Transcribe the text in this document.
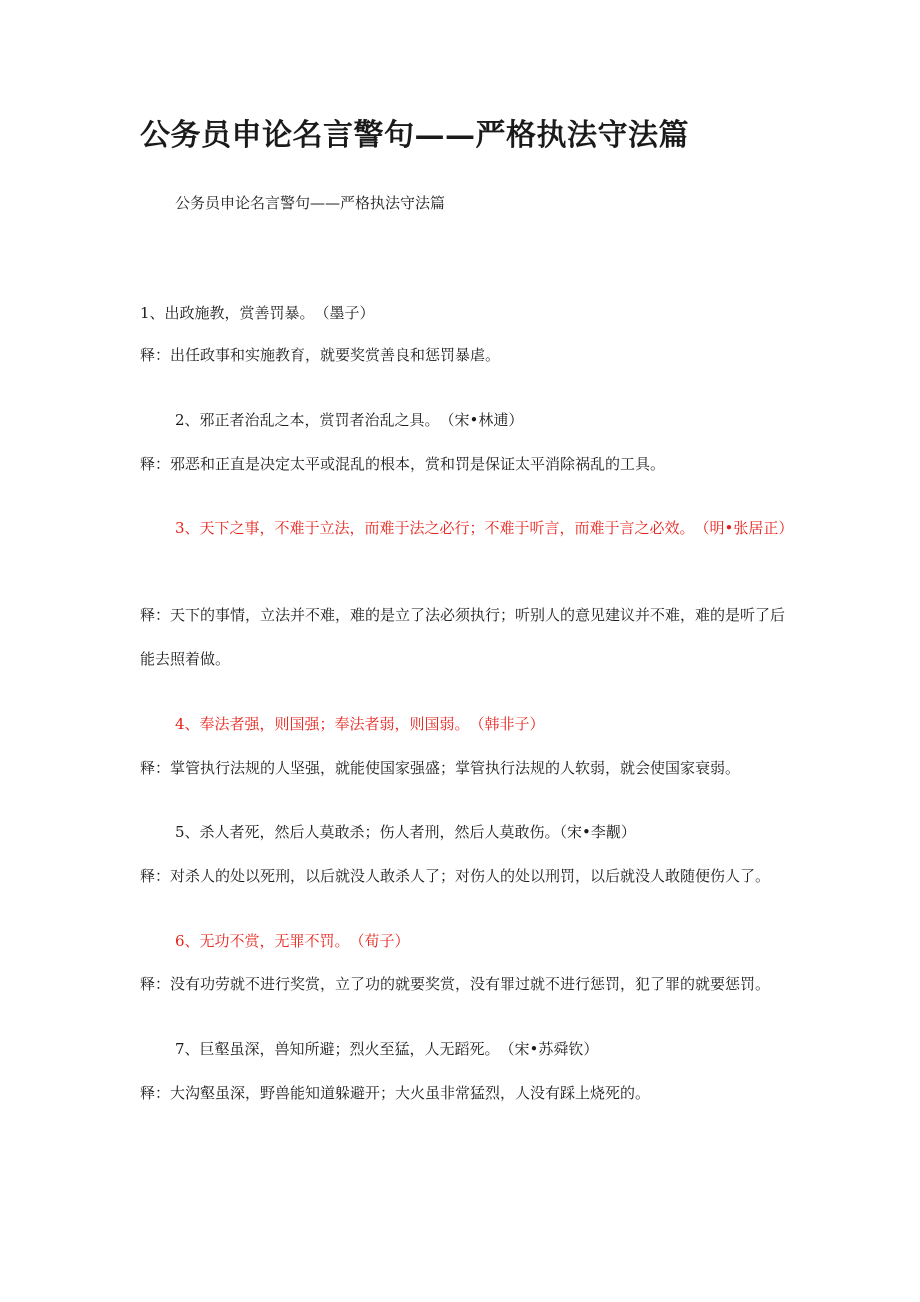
公务员申论名言警句——严格执法守法篇
公务员申论名言警句——严格执法守法篇
1、出政施教，赏善罚暴。　（墨子）
释：出任政事和实施教育，就要奖赏善良和惩罚暴虐。
2、邪正者治乱之本，赏罚者治乱之具。　（宋•林逋）
释：邪恶和正直是决定太平或混乱的根本，赏和罚是保证太平消除祸乱的工具。
3、天下之事，不难于立法，而难于法之必行；不难于听言，而难于言之必效。　（明•张居正）
释：天下的事情，立法并不难，难的是立了法必须执行；听别人的意见建议并不难，难的是听了后能去照着做。
4、奉法者强，则国强；奉法者弱，则国弱。　（韩非子）
释：掌管执行法规的人坚强，就能使国家强盛；掌管执行法规的人软弱，就会使国家衰弱。
5、杀人者死，然后人莫敢杀；伤人者刑，然后人莫敢伤。（宋•李觏）
释：对杀人的处以死刑，以后就没人敢杀人了；对伤人的处以刑罚，以后就没人敢随便伤人了。
6、无功不赏，无罪不罚。　（荀子）
释：没有功劳就不进行奖赏，立了功的就要奖赏，没有罪过就不进行惩罚，犯了罪的就要惩罚。
7、巨壑虽深，兽知所避；烈火至猛，人无蹈死。　（宋•苏舜钦）
释：大沟壑虽深，野兽能知道躲避开；大火虽非常猛烈，人没有踩上烧死的。
